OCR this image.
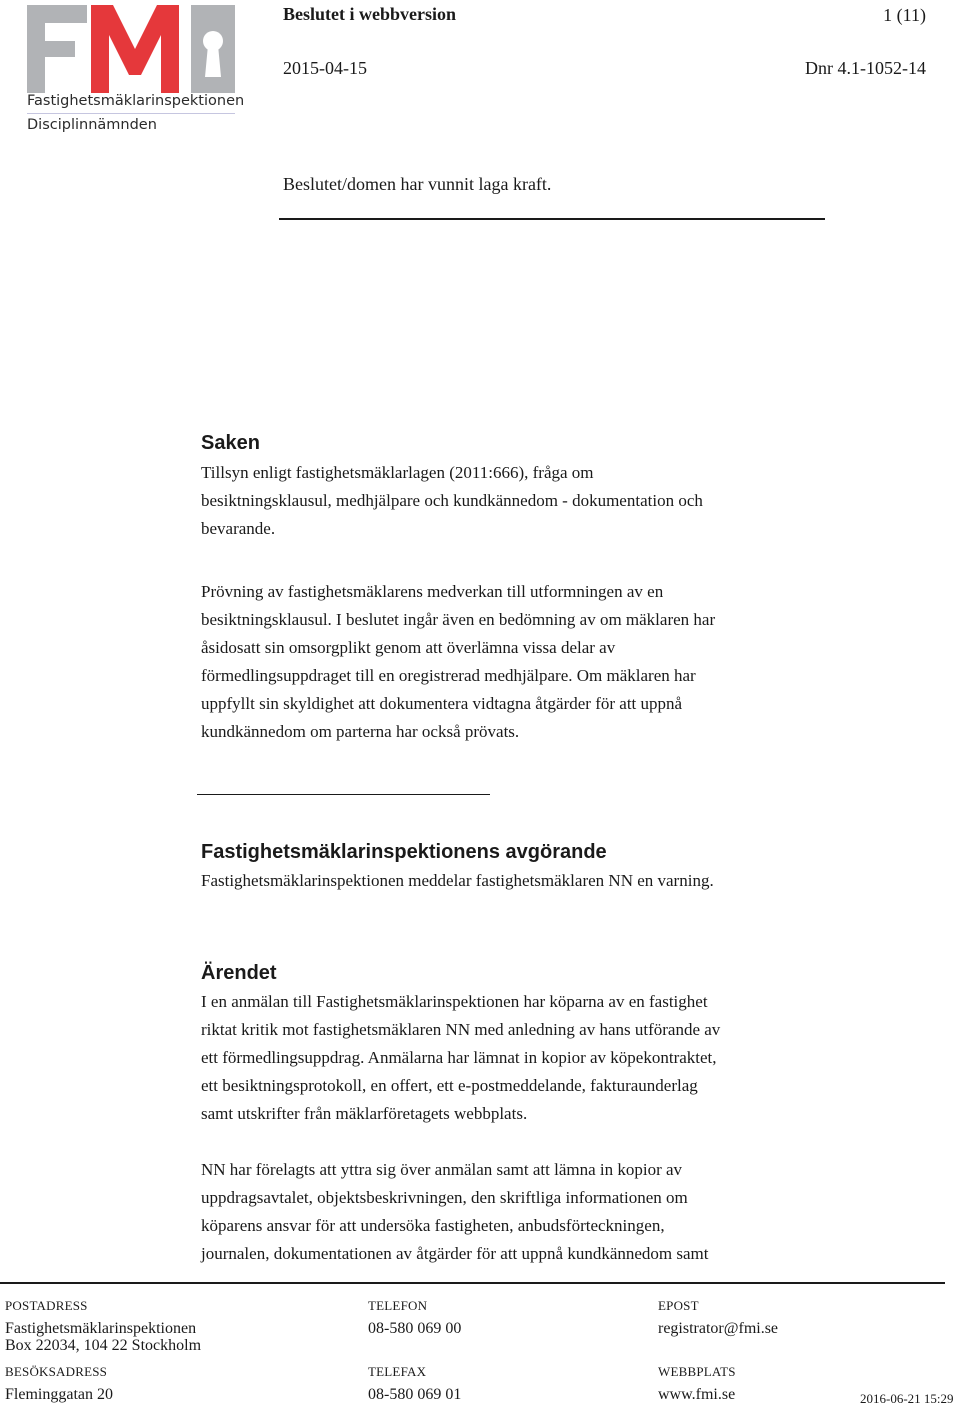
Fastighetsmäklarinspektionen
Disciplinnämnden
Beslutet i webbversion	1 (11)
2015-04-15	Dnr 4.1-1052-14
Beslutet/domen har vunnit laga kraft.
Saken
Tillsyn enligt fastighetsmäklarlagen (2011:666), fråga om
besiktningsklausul, medhjälpare och kundkännedom - dokumentation och
bevarande.
Prövning av fastighetsmäklarens medverkan till utformningen av en
besiktningsklausul. I beslutet ingår även en bedömning av om mäklaren har
åsidosatt sin omsorgplikt genom att överlämna vissa delar av
förmedlingsuppdraget till en oregistrerad medhjälpare. Om mäklaren har
uppfyllt sin skyldighet att dokumentera vidtagna åtgärder för att uppnå
kundkännedom om parterna har också prövats.
Fastighetsmäklarinspektionens avgörande
Fastighetsmäklarinspektionen meddelar fastighetsmäklaren NN en varning.
Ärendet
I en anmälan till Fastighetsmäklarinspektionen har köparna av en fastighet
riktat kritik mot fastighetsmäklaren NN med anledning av hans utförande av
ett förmedlingsuppdrag. Anmälarna har lämnat in kopior av köpekontraktet,
ett besiktningsprotokoll, en offert, ett e-postmeddelande, fakturaunderlag
samt utskrifter från mäklarföretagets webbplats.
NN har förelagts att yttra sig över anmälan samt att lämna in kopior av
uppdragsavtalet, objektsbeskrivningen, den skriftliga informationen om
köparens ansvar för att undersöka fastigheten, anbudsförteckningen,
journalen, dokumentationen av åtgärder för att uppnå kundkännedom samt
POSTADRESS
Fastighetsmäklarinspektionen
Box 22034, 104 22 Stockholm
TELEFON
08-580 069 00
EPOST
registrator@fmi.se
BESÖKSADRESS
Fleminggatan 20
TELEFAX
08-580 069 01
WEBBPLATS
www.fmi.se	2016-06-21 15:29
